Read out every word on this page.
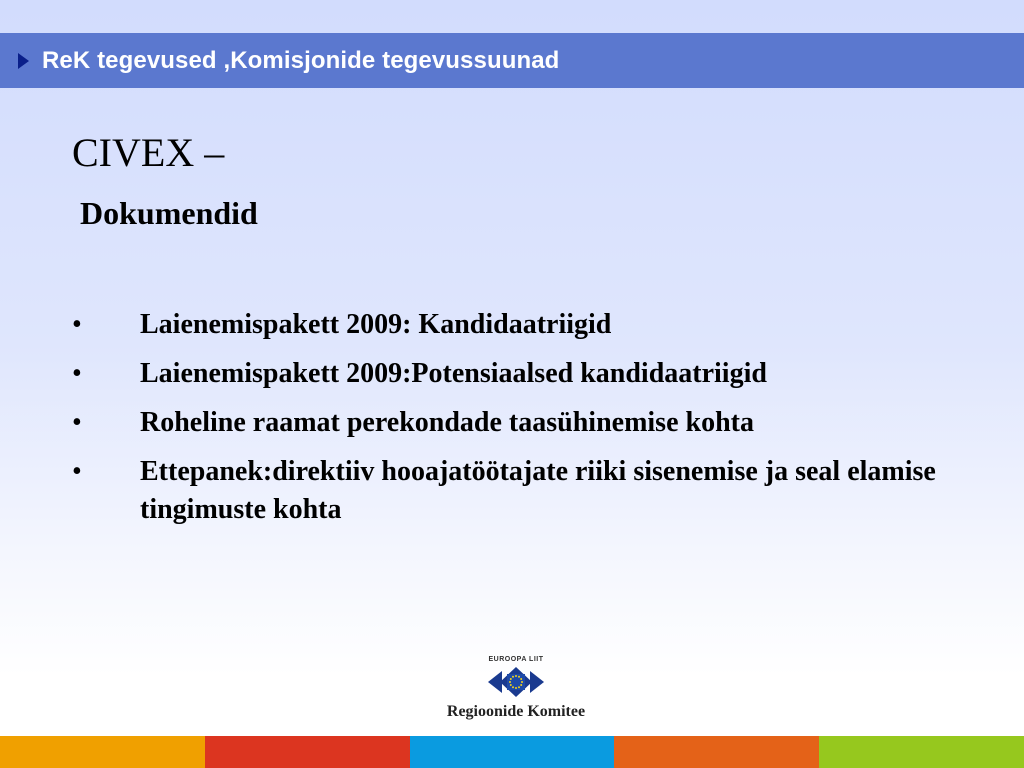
ReK tegevused ,Komisjonide tegevussuunad
CIVEX –
Dokumendid
•	Laienemispakett 2009: Kandidaatriigid
•	Laienemispakett 2009:Potensiaalsed kandidaatriigid
•	Roheline raamat perekondade taasühinemise kohta
•	Ettepanek:direktiiv hooajatöötajate riiki sisenemise ja seal elamise tingimuste kohta
EUROOPA LIIT
Regioonide Komitee
